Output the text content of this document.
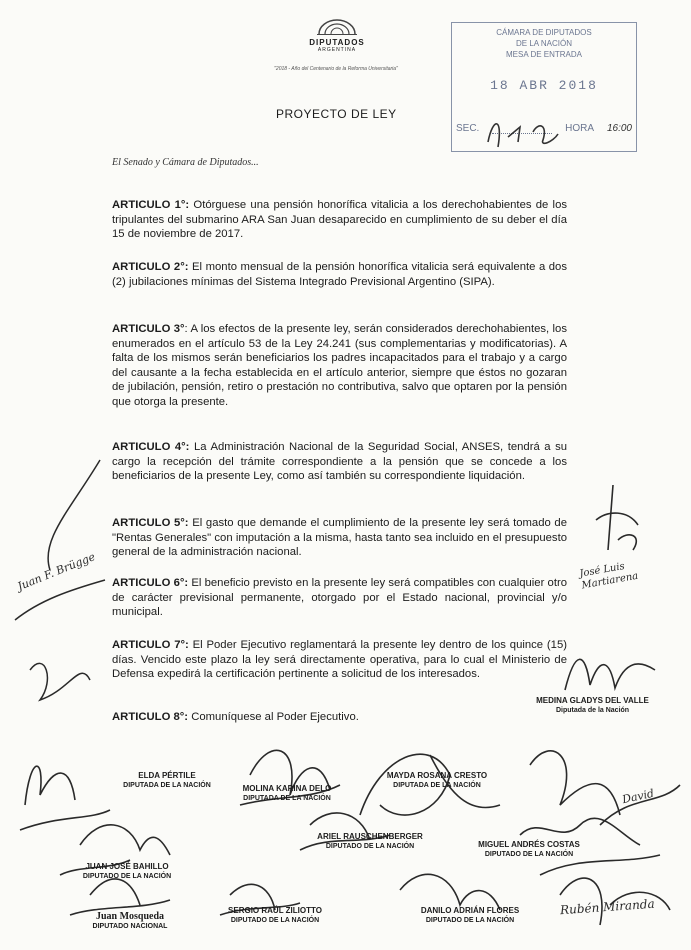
DIPUTADOS
ARGENTINA
"2018 - Año del Centenario de la Reforma Universitaria"
CÁMARA DE DIPUTADOS
DE LA NACIÓN
MESA DE ENTRADA
18 ABR 2018
SEC.	HORA 16:00
PROYECTO DE LEY
El Senado y Cámara de Diputados...
ARTICULO 1°: Otórguese una pensión honorífica vitalicia a los derechohabientes de los tripulantes del submarino ARA San Juan desaparecido en cumplimiento de su deber el día 15 de noviembre de 2017.
ARTICULO 2°: El monto mensual de la pensión honorífica vitalicia será equivalente a dos (2) jubilaciones mínimas del Sistema Integrado Previsional Argentino (SIPA).
ARTICULO 3°: A los efectos de la presente ley, serán considerados derechohabientes, los enumerados en el artículo 53 de la Ley 24.241 (sus complementarias y modificatorias). A falta de los mismos serán beneficiarios los padres incapacitados para el trabajo y a cargo del causante a la fecha establecida en el artículo anterior, siempre que éstos no gozaran de jubilación, pensión, retiro o prestación no contributiva, salvo que optaren por la pensión que otorga la presente.
ARTICULO 4°: La Administración Nacional de la Seguridad Social, ANSES, tendrá a su cargo la recepción del trámite correspondiente a la pensión que se concede a los beneficiarios de la presente Ley, como así también su correspondiente liquidación.
ARTICULO 5°: El gasto que demande el cumplimiento de la presente ley será tomado de "Rentas Generales" con imputación a la misma, hasta tanto sea incluido en el presupuesto general de la administración nacional.
ARTICULO 6°: El beneficio previsto en la presente ley será compatibles con cualquier otro de carácter previsional permanente, otorgado por el Estado nacional, provincial y/o municipal.
ARTICULO 7°: El Poder Ejecutivo reglamentará la presente ley dentro de los quince (15) días. Vencido este plazo la ley será directamente operativa, para lo cual el Ministerio de Defensa expedirá la certificación pertinente a solicitud de los interesados.
ARTICULO 8°: Comuníquese al Poder Ejecutivo.
Juan F. Brügge	José Luis Martiarena
MEDINA GLADYS DEL VALLE
Diputada de la Nación
ELDA PÉRTILE
DIPUTADA DE LA NACIÓN	MOLINA KARINA DELO
DIPUTADA DE LA NACIÓN
MAYDA ROSANA CRESTO
DIPUTADA DE LA NACIÓN
JUAN JOSÉ BAHILLO
DIPUTADO DE LA NACIÓN
ARIEL RAUSCHENBERGER
DIPUTADO DE LA NACIÓN	MIGUEL ANDRÉS COSTAS
DIPUTADO DE LA NACIÓN
Juan Mosqueda
DIPUTADO NACIONAL
SERGIO RAÚL ZILIOTTO
DIPUTADO DE LA NACIÓN
DANILO ADRIÁN FLORES
DIPUTADO DE LA NACIÓN
Rubén Miranda
David
